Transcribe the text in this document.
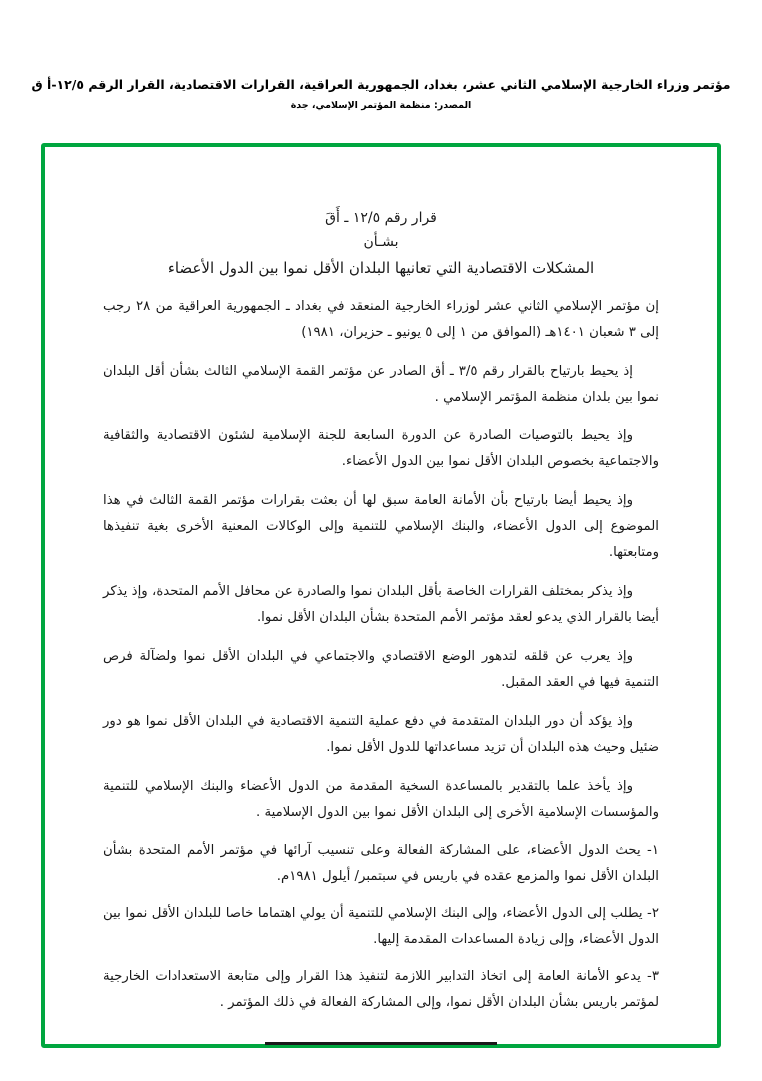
مؤتمر وزراء الخارجية الإسلامي الثاني عشر، بغداد، الجمهورية العراقية، القرارات الاقتصادية، القرار الرقم ١٢/٥-أ ق
المصدر: منظمة المؤتمر الإسلامي، جدة
قرار رقم ١٢/٥ ـ أَقَ
بشـأن
المشكلات الاقتصادية التي تعانيها البلدان الأقل نموا بين الدول الأعضاء

إن مؤتمر الإسلامي الثاني عشر لوزراء الخارجية المنعقد في بغداد ـ الجمهورية العراقية من ٢٨ رجب إلى ٣ شعبان ١٤٠١هـ (الموافق من ١ إلى ٥ يونيو ـ حزيران، ١٩٨١)

إذ يحيط بارتياح بالقرار رقم ٣/٥ ـ أق الصادر عن مؤتمر القمة الإسلامي الثالث بشأن أقل البلدان نموا بين بلدان منظمة المؤتمر الإسلامي .

وإذ يحيط بالتوصيات الصادرة عن الدورة السابعة للجنة الإسلامية لشئون الاقتصادية والثقافية والاجتماعية بخصوص البلدان الأقل نموا بين الدول الأعضاء.

وإذ يحيط أيضا بارتياح بأن الأمانة العامة سبق لها أن بعثت بقرارات مؤتمر القمة الثالث في هذا الموضوع إلى الدول الأعضاء، والبنك الإسلامي للتنمية وإلى الوكالات المعنية الأخرى بغية تنفيذها ومتابعتها.

وإذ يذكر بمختلف القرارات الخاصة بأقل البلدان نموا والصادرة عن محافل الأمم المتحدة، وإذ يذكر أيضا بالقرار الذي يدعو لعقد مؤتمر الأمم المتحدة بشأن البلدان الأقل نموا.

وإذ يعرب عن قلقه لتدهور الوضع الاقتصادي والاجتماعي في البلدان الأقل نموا ولضآلة فرص التنمية فيها في العقد المقبل.

وإذ يؤكد أن دور البلدان المتقدمة في دفع عملية التنمية الاقتصادية في البلدان الأقل نموا هو دور ضئيل وحيث هذه البلدان أن تزيد مساعداتها للدول الأقل نموا.

وإذ يأخذ علما بالتقدير بالمساعدة السخية المقدمة من الدول الأعضاء والبنك الإسلامي للتنمية والمؤسسات الإسلامية الأخرى إلى البلدان الأقل نموا بين الدول الإسلامية .

١- يحث الدول الأعضاء، على المشاركة الفعالة وعلى تنسيب آرائها في مؤتمر الأمم المتحدة بشأن البلدان الأقل نموا والمزمع عقده في باريس في سبتمبر/ أيلول ١٩٨١م.
٢- يطلب إلى الدول الأعضاء، وإلى البنك الإسلامي للتنمية أن يولي اهتماما خاصا للبلدان الأقل نموا بين الدول الأعضاء، وإلى زيادة المساعدات المقدمة إليها.
٣- يدعو الأمانة العامة إلى اتخاذ التدابير اللازمة لتنفيذ هذا القرار وإلى متابعة الاستعدادات الخارجية لمؤتمر باريس بشأن البلدان الأقل نموا، وإلى المشاركة الفعالة في ذلك المؤتمر .
